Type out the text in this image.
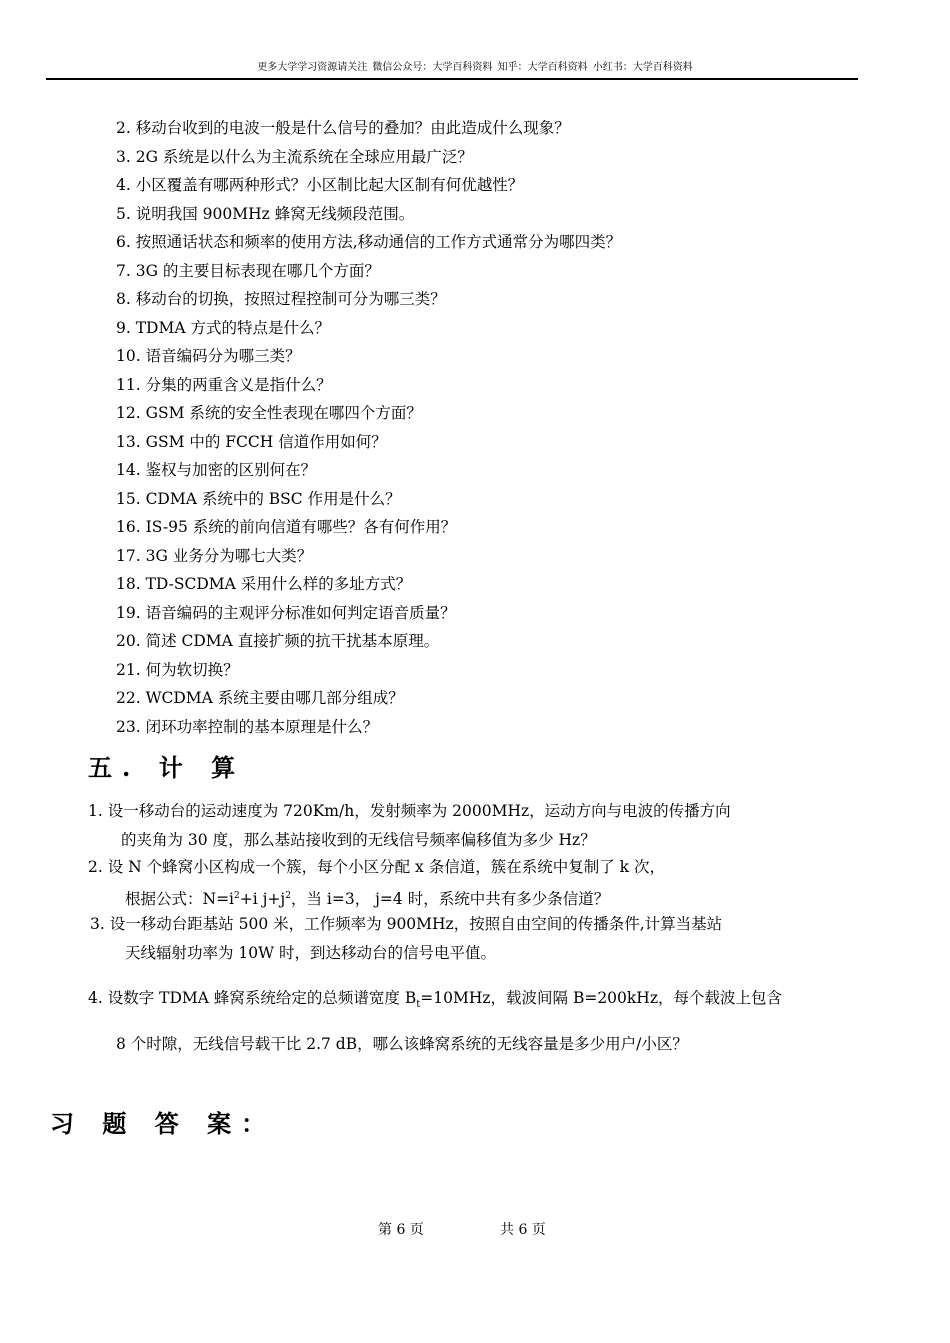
更多大学学习资源请关注 微信公众号：大学百科资料 知乎：大学百科资料 小红书：大学百科资料
2. 移动台收到的电波一般是什么信号的叠加？由此造成什么现象？
3. 2G 系统是以什么为主流系统在全球应用最广泛？
4. 小区覆盖有哪两种形式？小区制比起大区制有何优越性？
5. 说明我国 900MHz 蜂窝无线频段范围。
6. 按照通话状态和频率的使用方法,移动通信的工作方式通常分为哪四类？
7. 3G 的主要目标表现在哪几个方面？
8. 移动台的切换，按照过程控制可分为哪三类？
9. TDMA 方式的特点是什么？
10. 语音编码分为哪三类？
11. 分集的两重含义是指什么？
12. GSM 系统的安全性表现在哪四个方面？
13. GSM 中的 FCCH 信道作用如何？
14. 鉴权与加密的区别何在？
15. CDMA 系统中的 BSC 作用是什么？
16. IS-95 系统的前向信道有哪些？各有何作用？
17. 3G 业务分为哪七大类？
18. TD-SCDMA 采用什么样的多址方式？
19. 语音编码的主观评分标准如何判定语音质量？
20. 简述 CDMA 直接扩频的抗干扰基本原理。
21. 何为软切换？
22. WCDMA 系统主要由哪几部分组成？
23. 闭环功率控制的基本原理是什么？
五. 计 算
1. 设一移动台的运动速度为 720Km/h，发射频率为 2000MHz，运动方向与电波的传播方向
的夹角为 30 度，那么基站接收到的无线信号频率偏移值为多少 Hz？
2. 设 N 个蜂窝小区构成一个簇，每个小区分配 x 条信道，簇在系统中复制了 k 次，
根据公式：$N=i^2+i$ $j+j^2$，当 i=3， j=4 时，系统中共有多少条信道？
3. 设一移动台距基站 500 米，工作频率为 900MHz，按照自由空间的传播条件,计算当基站
天线辐射功率为 10W 时，到达移动台的信号电平值。
4. 设数字 TDMA 蜂窝系统给定的总频谱宽度 $B_t=10MHz$，载波间隔 B=200kHz，每个载波上包含
8 个时隙，无线信号载干比 2.7 dB，哪么该蜂窝系统的无线容量是多少用户/小区？
习 题 答 案：
第 6 页	共 6 页
